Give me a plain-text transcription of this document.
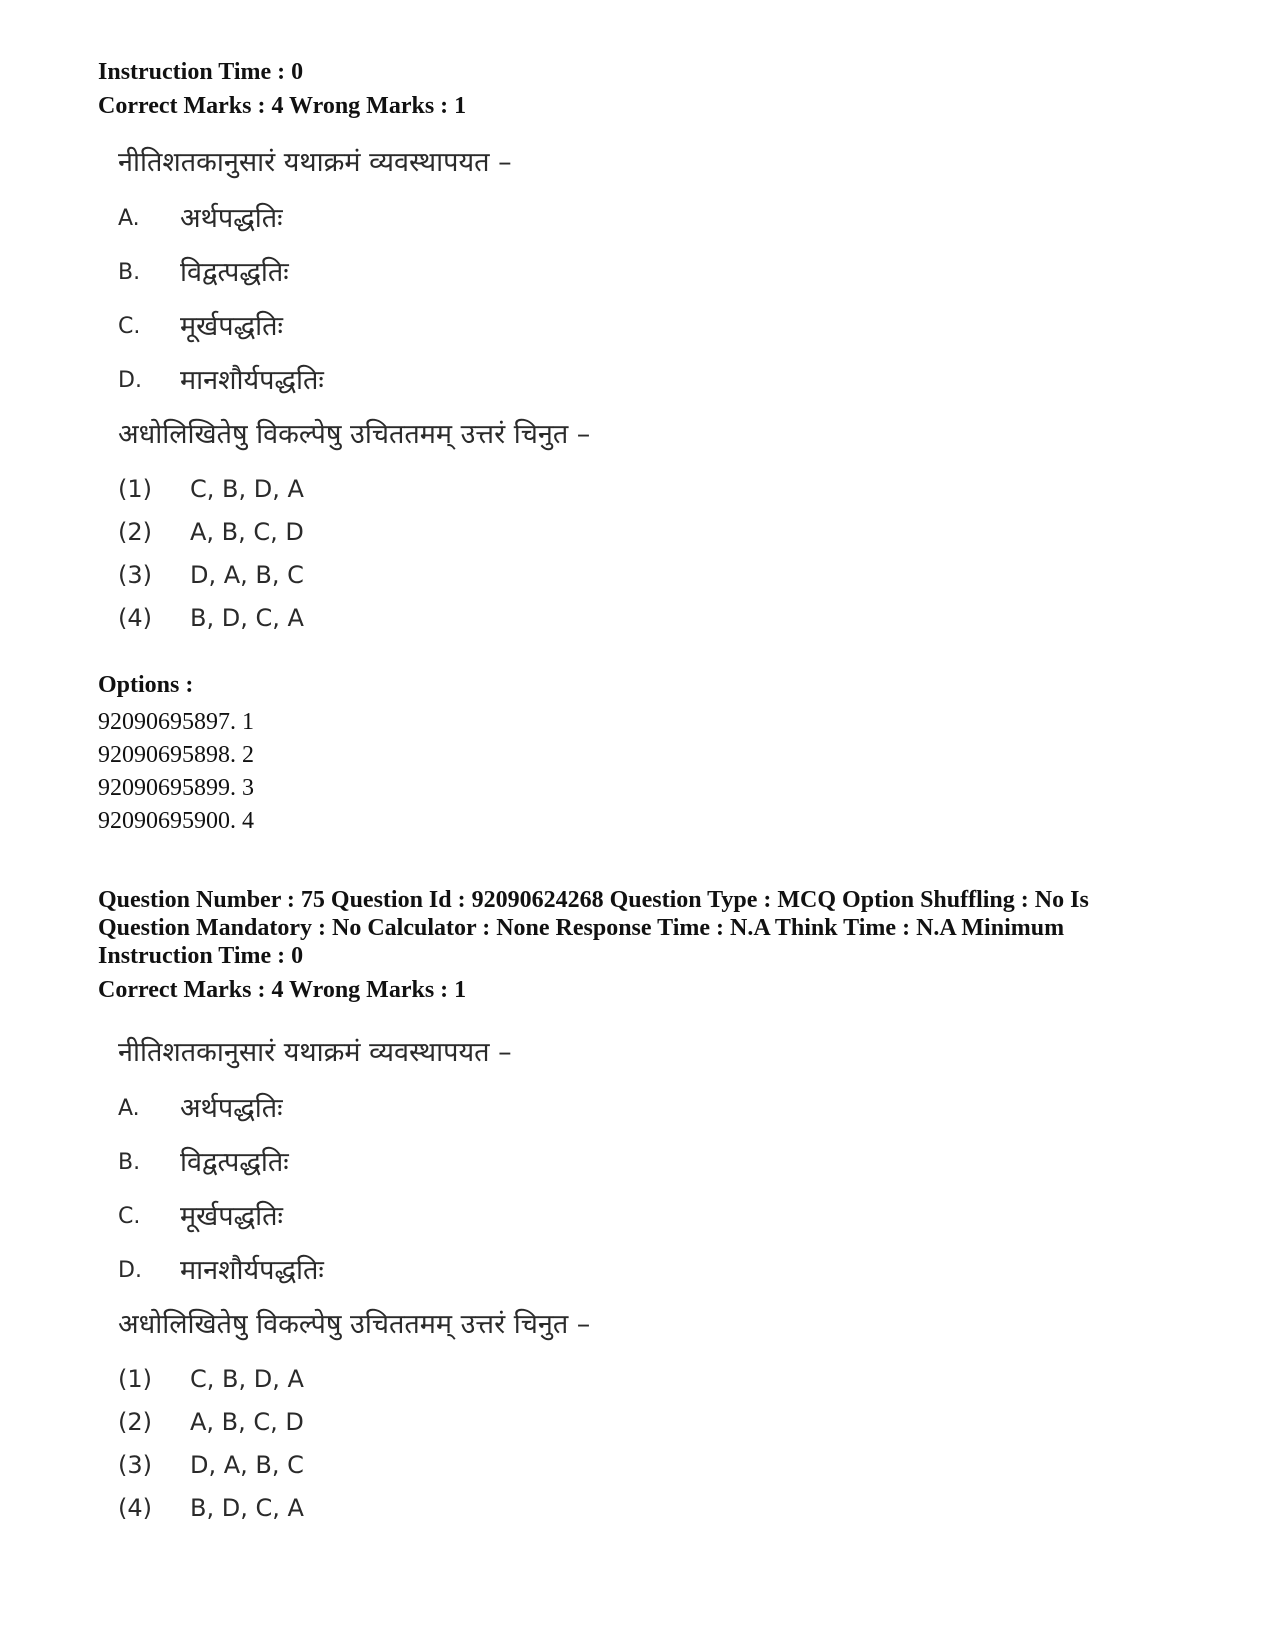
Instruction Time : 0
Correct Marks : 4 Wrong Marks : 1
नीतिशतकानुसारं यथाक्रमं व्यवस्थापयत –
A.	अर्थपद्धतिः
B.	विद्वत्पद्धतिः
C.	मूर्खपद्धतिः
D.	मानशौर्यपद्धतिः
अधोलिखितेषु विकल्पेषु उचिततमम् उत्तरं चिनुत –
(1)	C, B, D, A
(2)	A, B, C, D
(3)	D, A, B, C
(4)	B, D, C, A
Options :
92090695897. 1
92090695898. 2
92090695899. 3
92090695900. 4
Question Number : 75 Question Id : 92090624268 Question Type : MCQ Option Shuffling : No Is
Question Mandatory : No Calculator : None Response Time : N.A Think Time : N.A Minimum
Instruction Time : 0
Correct Marks : 4 Wrong Marks : 1
नीतिशतकानुसारं यथाक्रमं व्यवस्थापयत –
A.	अर्थपद्धतिः
B.	विद्वत्पद्धतिः
C.	मूर्खपद्धतिः
D.	मानशौर्यपद्धतिः
अधोलिखितेषु विकल्पेषु उचिततमम् उत्तरं चिनुत –
(1)	C, B, D, A
(2)	A, B, C, D
(3)	D, A, B, C
(4)	B, D, C, A
